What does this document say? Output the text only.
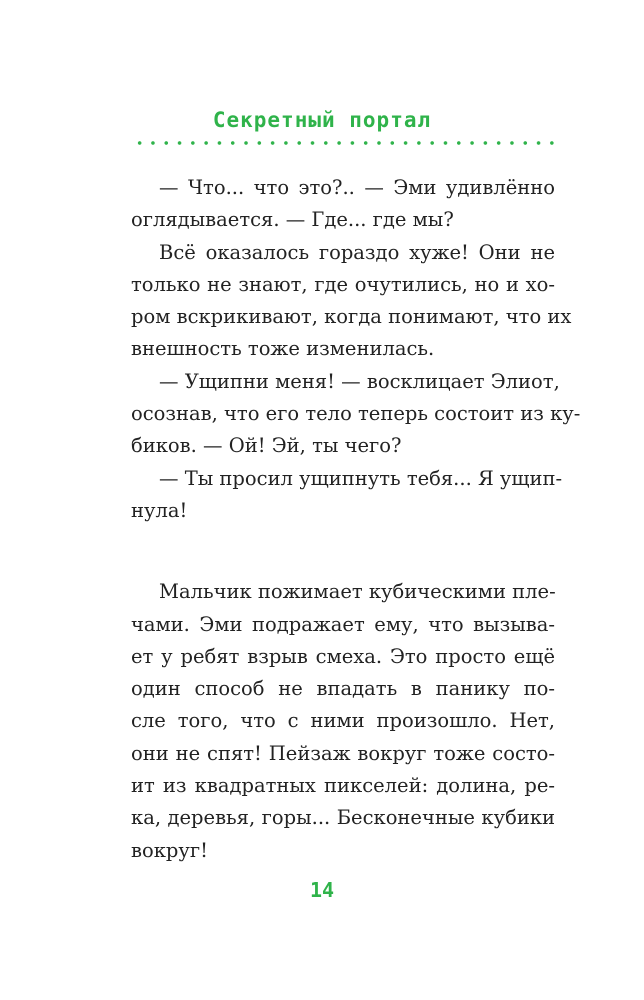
Секретный портал
— Что... что это?.. — Эми удивлённо
оглядывается. — Где... где мы?
Всё оказалось гораздо хуже! Они не
только не знают, где очутились, но и хо-
ром вскрикивают, когда понимают, что их
внешность тоже изменилась.
— Ущипни меня! — восклицает Элиот,
осознав, что его тело теперь состоит из ку-
биков. — Ой! Эй, ты чего?
— Ты просил ущипнуть тебя... Я ущип-
нула!
Мальчик пожимает кубическими пле-
чами. Эми подражает ему, что вызыва-
ет у ребят взрыв смеха. Это просто ещё
один способ не впадать в панику по-
сле того, что с ними произошло. Нет,
они не спят! Пейзаж вокруг тоже состо-
ит из квадратных пикселей: долина, ре-
ка, деревья, горы... Бесконечные кубики
вокруг!
14
